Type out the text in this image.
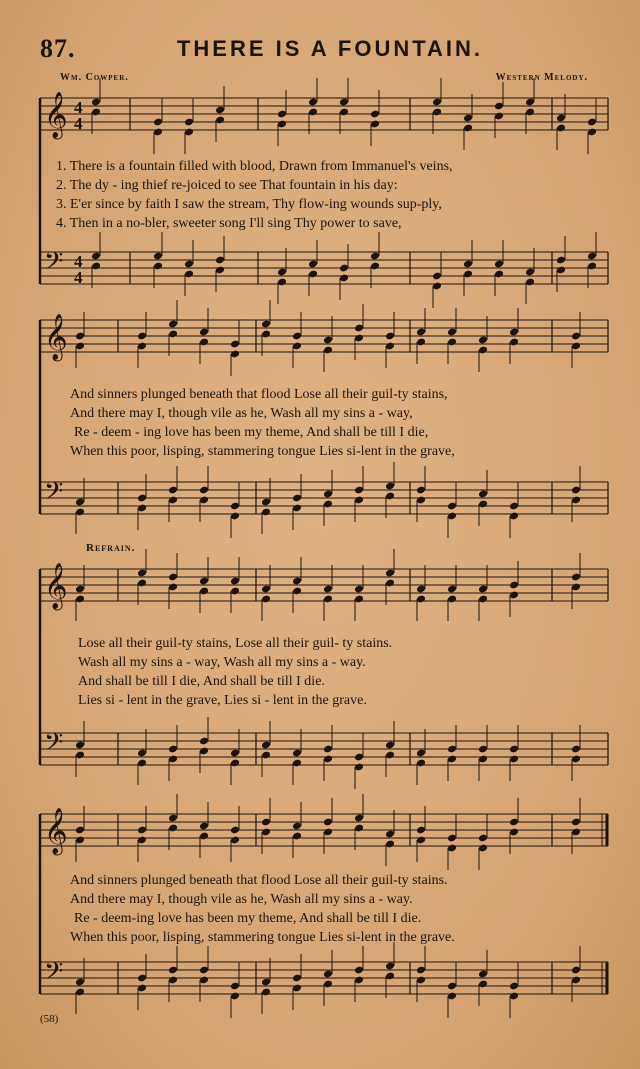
87.	THERE IS A FOUNTAIN.
Wm. Cowper.	Western Melody.
Refrain.
(58)
𝄞 4
4
𝄢 4
4
1. There is a fountain filled with blood, Drawn from Immanuel's veins,
2. The dy - ing thief re-joiced to see That fountain in his day:
3. E'er since by faith I saw the stream, Thy flow-ing wounds sup-ply,
4. Then in a no-bler, sweeter song I'll sing Thy power to save,
𝄞
𝄢
And sinners plunged beneath that flood Lose all their guil-ty stains,
And there may I, though vile as he, Wash all my sins a - way,
Re - deem - ing love has been my theme, And shall be till I die,
When this poor, lisping, stammering tongue Lies si-lent in the grave,
𝄞
𝄢
Lose all their guil-ty stains, Lose all their guil- ty stains.
Wash all my sins a - way, Wash all my sins a - way.
And shall be till I die, And shall be till I die.
Lies si - lent in the grave, Lies si - lent in the grave.
𝄞
𝄢
And sinners plunged beneath that flood Lose all their guil-ty stains.
And there may I, though vile as he, Wash all my sins a - way.
Re - deem-ing love has been my theme, And shall be till I die.
When this poor, lisping, stammering tongue Lies si-lent in the grave.
